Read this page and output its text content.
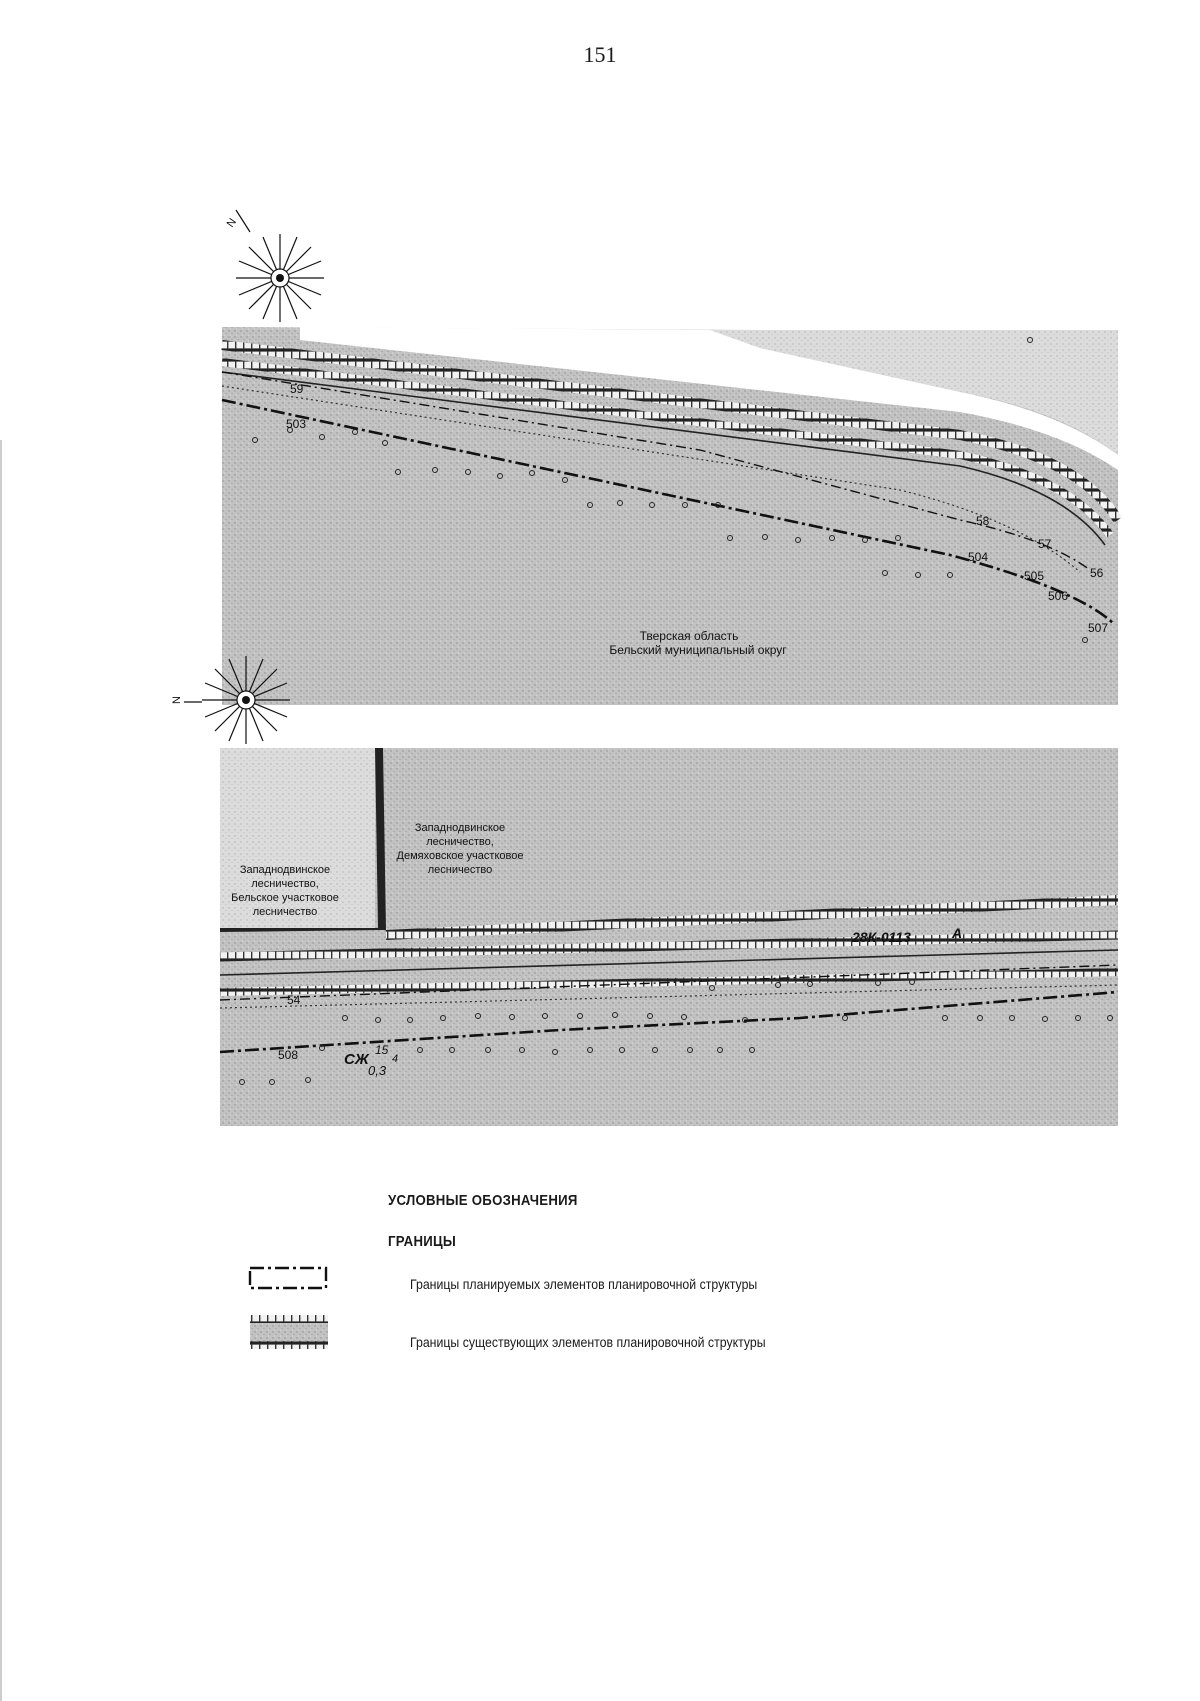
151
59
503
58
504
57
505	56
506
507
Тверская область
Бельский муниципальный округ
N
N
Западнодвинское
лесничество,
Бельское участковое
лесничество
Западнодвинское
лесничество,
Демяховское участковое
лесничество
54
508
28К-0113	А
СЖ
15
4
0,3
УСЛОВНЫЕ ОБОЗНАЧЕНИЯ
ГРАНИЦЫ
Границы планируемых элементов планировочной структуры
Границы существующих элементов планировочной структуры
